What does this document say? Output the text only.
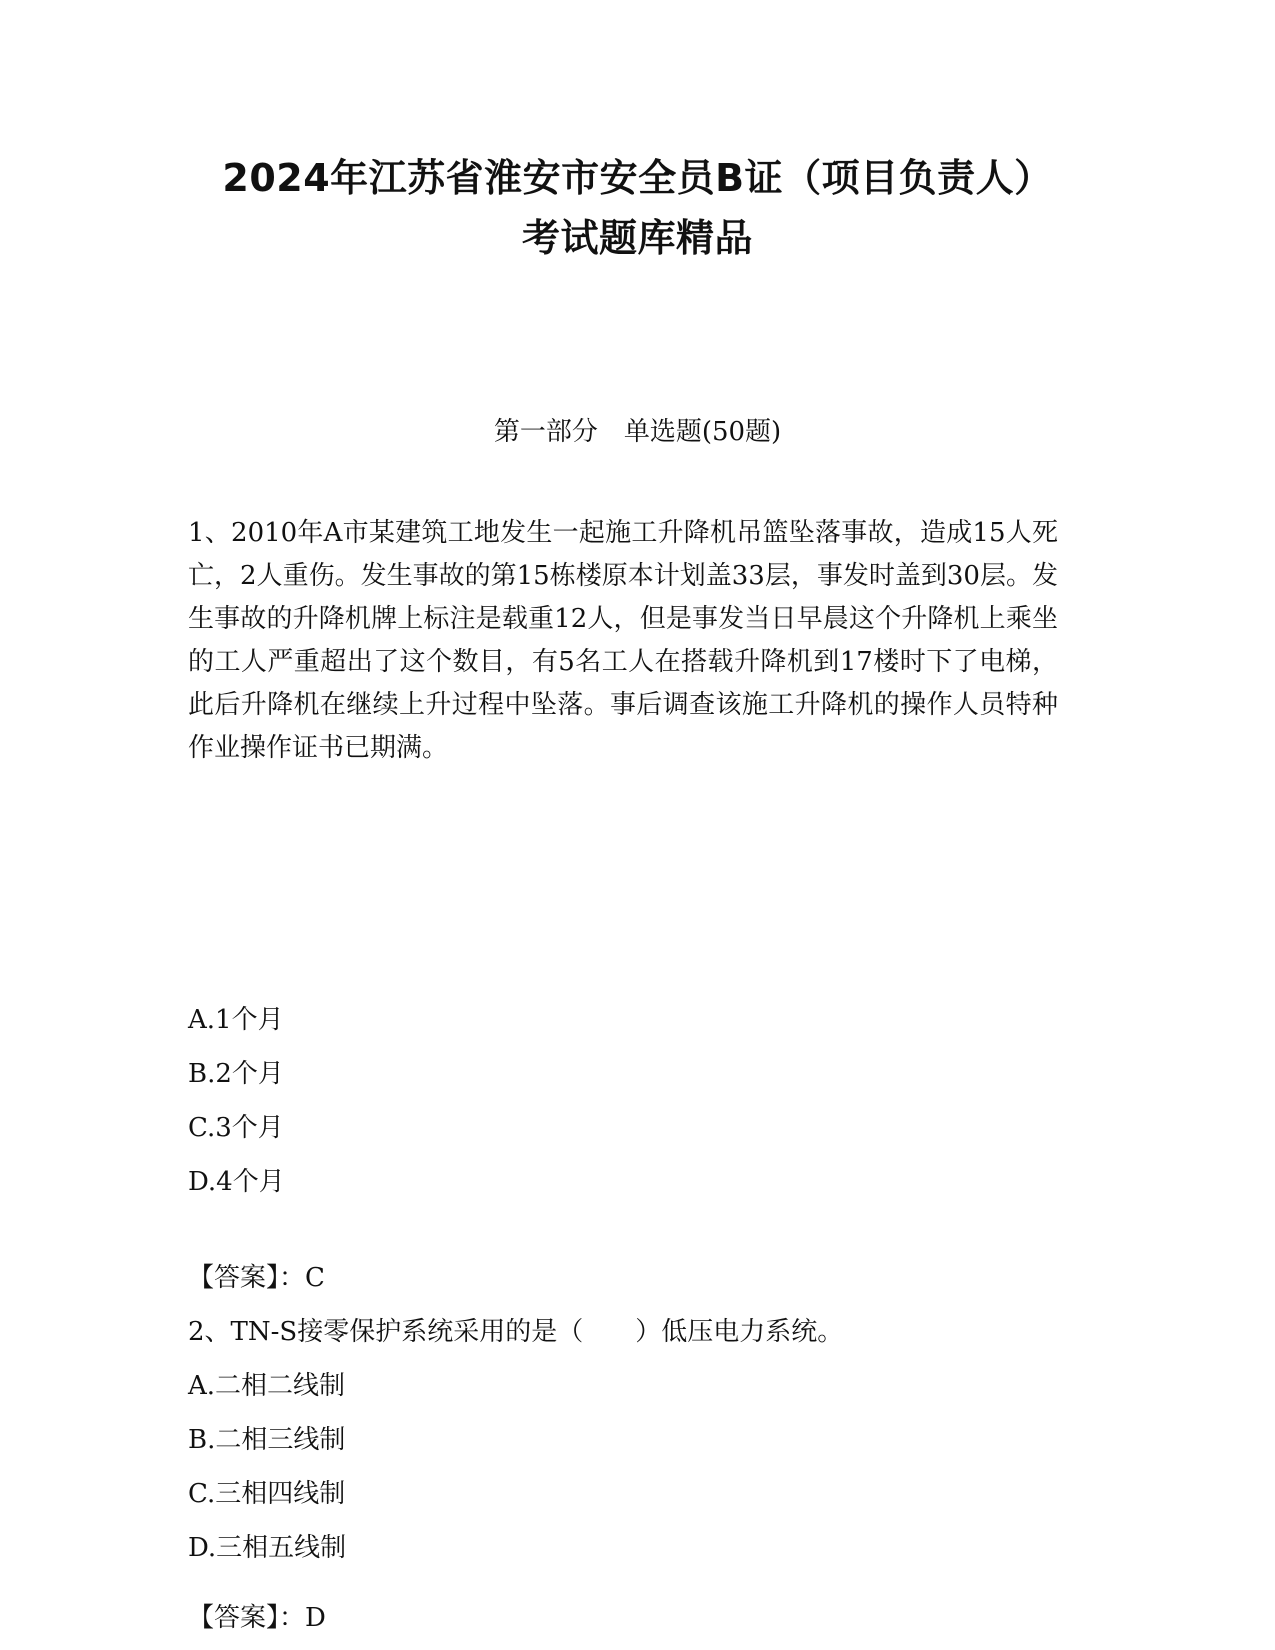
2024年江苏省淮安市安全员B证（项目负责人）
考试题库精品
第一部分　单选题(50题)
1、2010年A市某建筑工地发生一起施工升降机吊篮坠落事故，造成15人死亡，2人重伤。发生事故的第15栋楼原本计划盖33层，事发时盖到30层。发生事故的升降机牌上标注是载重12人，但是事发当日早晨这个升降机上乘坐的工人严重超出了这个数目，有5名工人在搭载升降机到17楼时下了电梯，此后升降机在继续上升过程中坠落。事后调查该施工升降机的操作人员特种作业操作证书已期满。
A.1个月
B.2个月
C.3个月
D.4个月
【答案】：C
2、TN-S接零保护系统采用的是（　　）低压电力系统。
A.二相二线制
B.二相三线制
C.三相四线制
D.三相五线制
【答案】：D
